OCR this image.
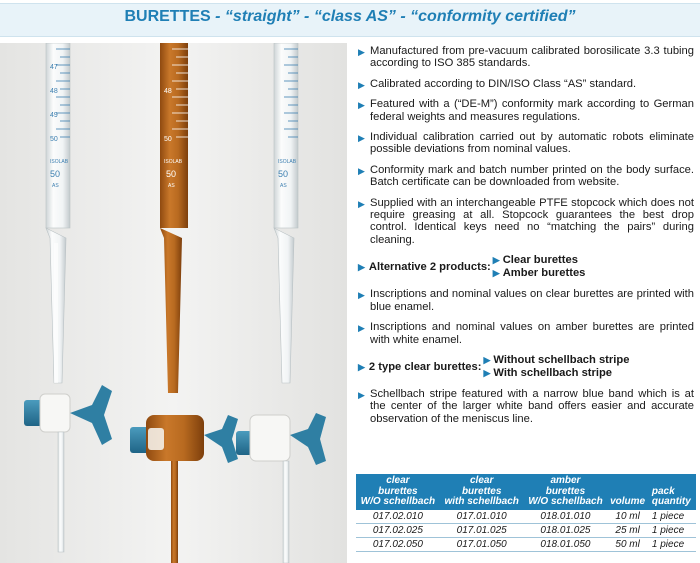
BURETTES - “straight” - “class AS” - “conformity certified”
47
48
49
50
ISOLAB
50
AS
48
50
ISOLAB
50
AS
ISOLAB
50
AS
▶ Manufactured from pre-vacuum calibrated borosilicate 3.3 tubing according to ISO 385 standards.
▶ Calibrated according to DIN/ISO Class “AS” standard.
▶ Featured with a (“DE-M”) conformity mark according to German federal weights and measures regulations.
▶ Individual calibration carried out by automatic robots eliminate possible deviations from nominal values.
▶ Conformity mark and batch number printed on the body surface. Batch certificate can be downloaded from website.
▶ Supplied with an interchangeable PTFE stopcock which does not require greasing at all. Stopcock guarantees the best drop control. Identical keys need no “matching the pairs” during cleaning.
▶ Alternative 2 products:
▶ Clear burettes
▶ Amber burettes
▶ Inscriptions and nominal values on clear burettes are printed with blue enamel.
▶ Inscriptions and nominal values on amber burettes are printed with white enamel.
▶ 2 type clear burettes:
▶ Without schellbach stripe
▶ With schellbach stripe
▶ Schellbach stripe featured with a narrow blue band which is at the center of the larger white band offers easier and accurate observation of the meniscus line.
clear
burettes
W/O schellbach	clear
burettes
with schellbach	amber
burettes
W/O schellbach	volume	pack
quantity
017.02.010	017.01.010	018.01.010	10 ml	1 piece
017.02.025	017.01.025	018.01.025	25 ml	1 piece
017.02.050	017.01.050	018.01.050	50 ml	1 piece
